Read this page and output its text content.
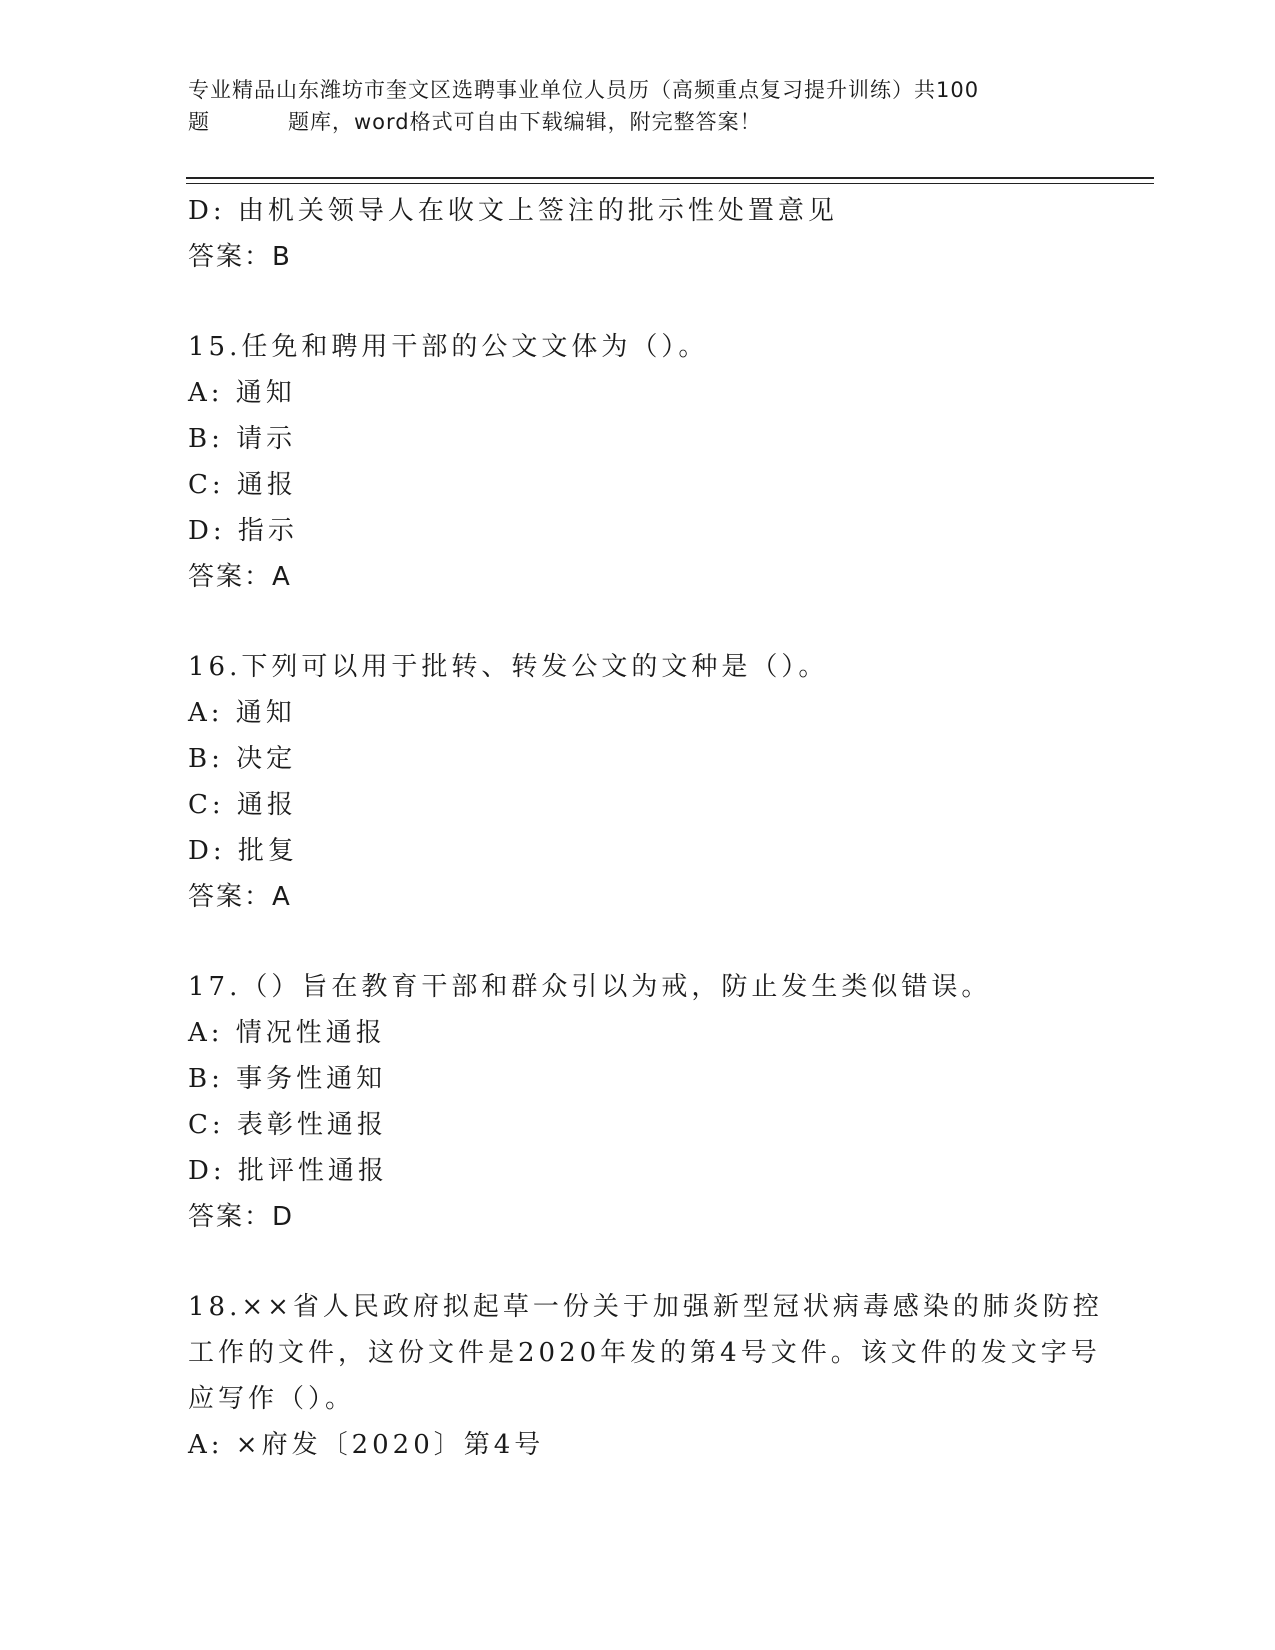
专业精品山东潍坊市奎文区选聘事业单位人员历（高频重点复习提升训练）共100
题	题库，word格式可自由下载编辑，附完整答案！
D: 由机关领导人在收文上签注的批示性处置意见
答案：B
15.任免和聘用干部的公文文体为（）。
A: 通知
B: 请示
C: 通报
D: 指示
答案：A
16.下列可以用于批转、转发公文的文种是（）。
A: 通知
B: 决定
C: 通报
D: 批复
答案：A
17.（）旨在教育干部和群众引以为戒，防止发生类似错误。
A: 情况性通报
B: 事务性通知
C: 表彰性通报
D: 批评性通报
答案：D
18.××省人民政府拟起草一份关于加强新型冠状病毒感染的肺炎防控工作的文件，这份文件是2020年发的第4号文件。该文件的发文字号应写作（）。
A: ×府发〔2020〕第4号
